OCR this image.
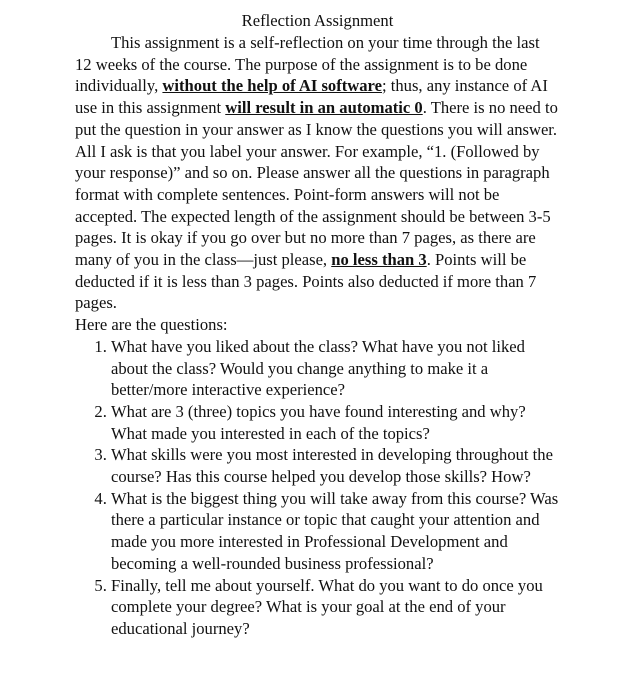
Reflection Assignment

This assignment is a self-reflection on your time through the last 12 weeks of the course. The purpose of the assignment is to be done individually, without the help of AI software; thus, any instance of AI use in this assignment will result in an automatic 0. There is no need to put the question in your answer as I know the questions you will answer. All I ask is that you label your answer. For example, “1. (Followed by your response)” and so on. Please answer all the questions in paragraph format with complete sentences. Point-form answers will not be accepted. The expected length of the assignment should be between 3-5 pages. It is okay if you go over but no more than 7 pages, as there are many of you in the class—just please, no less than 3. Points will be deducted if it is less than 3 pages. Points also deducted if more than 7 pages.

Here are the questions:

1. What have you liked about the class? What have you not liked about the class? Would you change anything to make it a better/more interactive experience?
2. What are 3 (three) topics you have found interesting and why? What made you interested in each of the topics?
3. What skills were you most interested in developing throughout the course? Has this course helped you develop those skills? How?
4. What is the biggest thing you will take away from this course? Was there a particular instance or topic that caught your attention and made you more interested in Professional Development and becoming a well-rounded business professional?
5. Finally, tell me about yourself. What do you want to do once you complete your degree? What is your goal at the end of your educational journey?
